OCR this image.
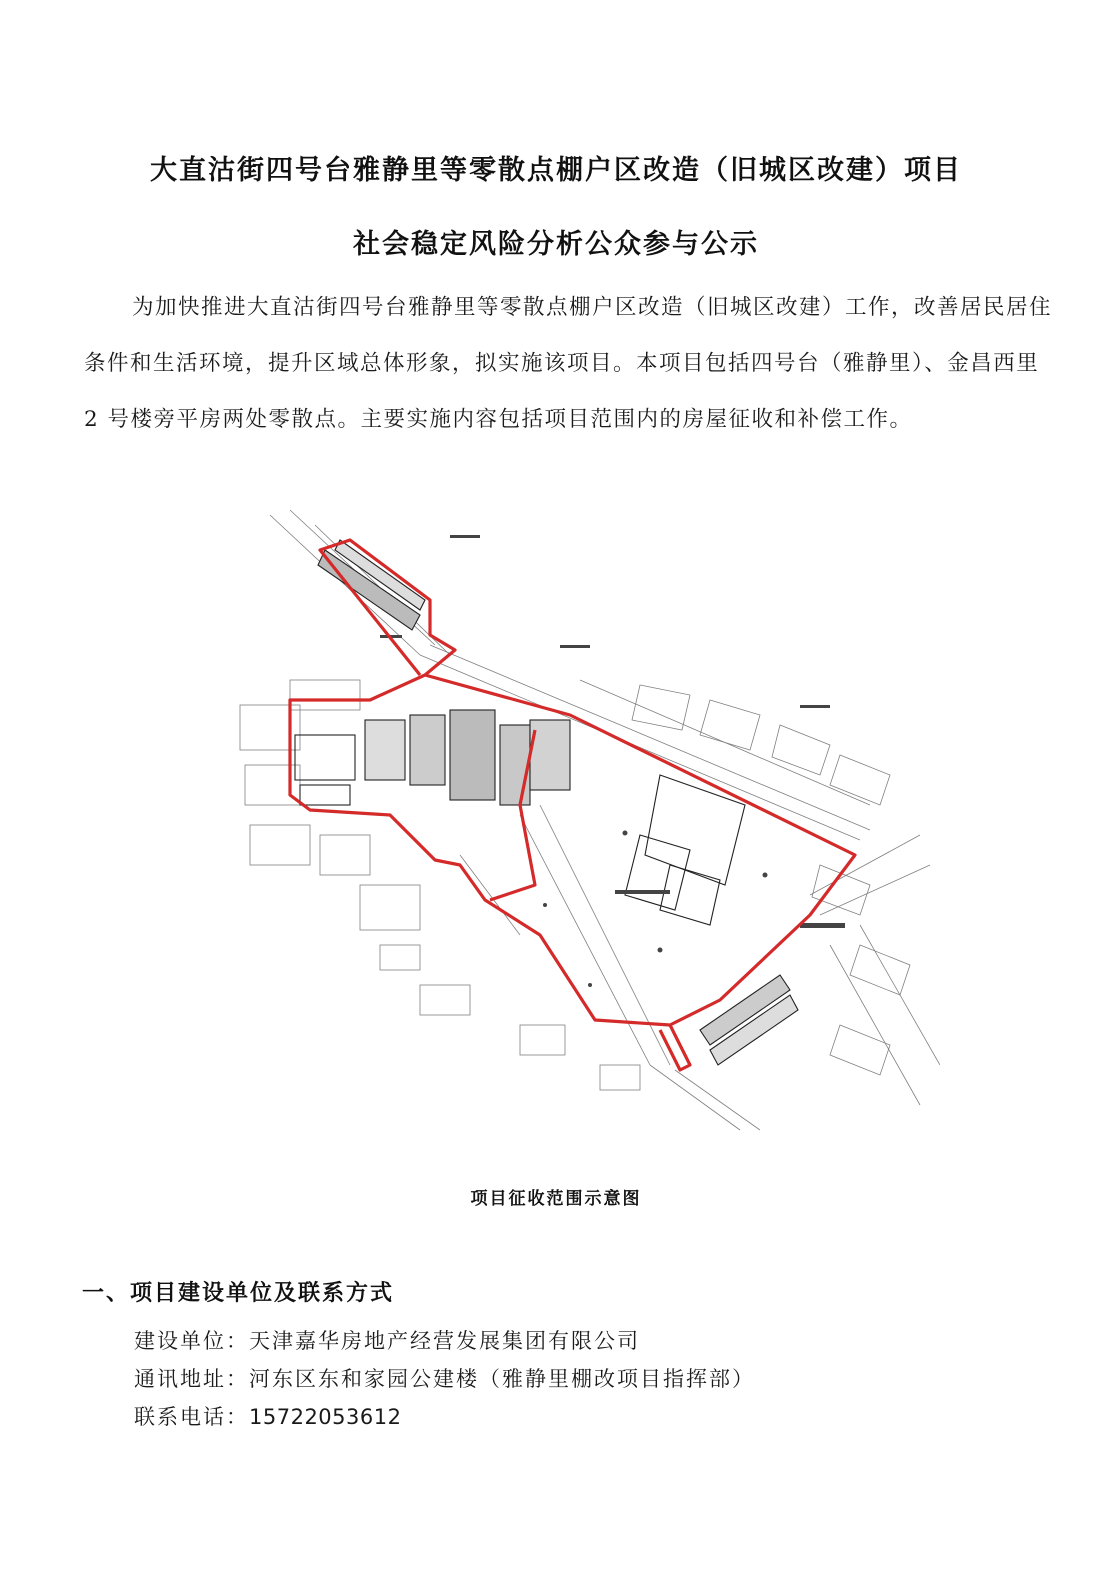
大直沽街四号台雅静里等零散点棚户区改造（旧城区改建）项目
社会稳定风险分析公众参与公示

为加快推进大直沽街四号台雅静里等零散点棚户区改造（旧城区改建）工作，改善居民居住条件和生活环境，提升区域总体形象，拟实施该项目。本项目包括四号台（雅静里）、金昌西里 2 号楼旁平房两处零散点。主要实施内容包括项目范围内的房屋征收和补偿工作。

项目征收范围示意图
一、项目建设单位及联系方式
建设单位：天津嘉华房地产经营发展集团有限公司
通讯地址：河东区东和家园公建楼（雅静里棚改项目指挥部）
联系电话：15722053612
